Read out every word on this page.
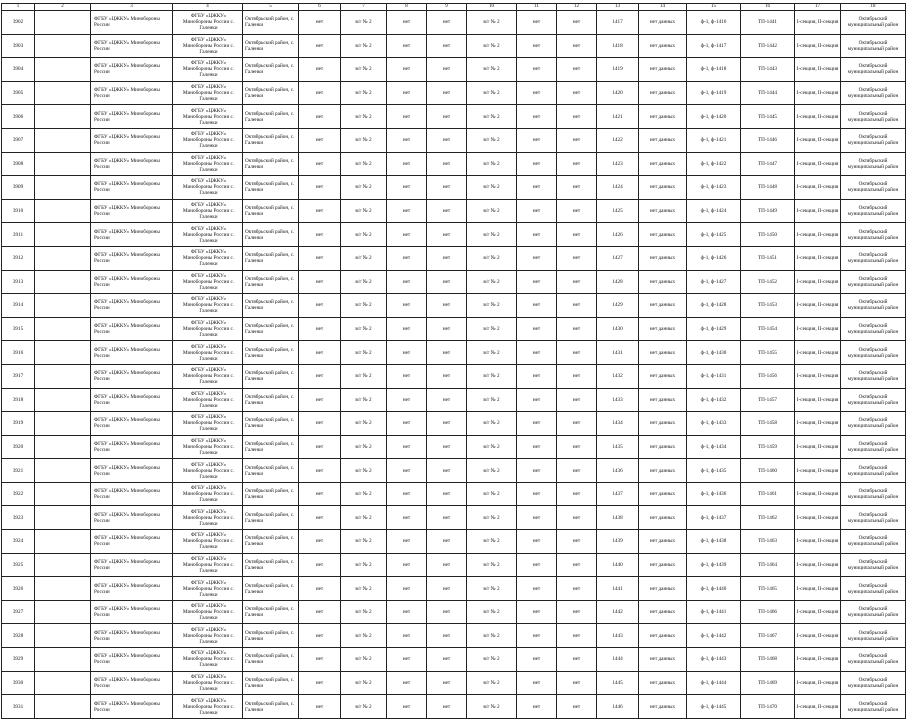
1	2	3	4	5	6	7	8	9	10	11	12	13	14	15	16	17	18
3902		ФГБУ «ЦЖКУ» Минобороны России	ФГБУ «ЦЖКУ» Минобороны России с. Галенки	Октябрьский район, с. Галенки	нет	в/г № 2	нет	нет	в/г № 2	нет	нет	1417	нет данных	ф-1, ф-1416	ТП-1441	I-секция, II-секция	Октябрьский муниципальный район
3903		ФГБУ «ЦЖКУ» Минобороны России	ФГБУ «ЦЖКУ» Минобороны России с. Галенки	Октябрьский район, с. Галенки	нет	в/г № 2	нет	нет	в/г № 2	нет	нет	1418	нет данных	ф-1, ф-1417	ТП-1442	I-секция, II-секция	Октябрьский муниципальный район
3904		ФГБУ «ЦЖКУ» Минобороны России	ФГБУ «ЦЖКУ» Минобороны России с. Галенки	Октябрьский район, с. Галенки	нет	в/г № 2	нет	нет	в/г № 2	нет	нет	1419	нет данных	ф-1, ф-1418	ТП-1443	I-секция, II-секция	Октябрьский муниципальный район
3905		ФГБУ «ЦЖКУ» Минобороны России	ФГБУ «ЦЖКУ» Минобороны России с. Галенки	Октябрьский район, с. Галенки	нет	в/г № 2	нет	нет	в/г № 2	нет	нет	1420	нет данных	ф-1, ф-1419	ТП-1444	I-секция, II-секция	Октябрьский муниципальный район
3906		ФГБУ «ЦЖКУ» Минобороны России	ФГБУ «ЦЖКУ» Минобороны России с. Галенки	Октябрьский район, с. Галенки	нет	в/г № 2	нет	нет	в/г № 2	нет	нет	1421	нет данных	ф-1, ф-1420	ТП-1445	I-секция, II-секция	Октябрьский муниципальный район
3907		ФГБУ «ЦЖКУ» Минобороны России	ФГБУ «ЦЖКУ» Минобороны России с. Галенки	Октябрьский район, с. Галенки	нет	в/г № 2	нет	нет	в/г № 2	нет	нет	1422	нет данных	ф-1, ф-1421	ТП-1446	I-секция, II-секция	Октябрьский муниципальный район
3908		ФГБУ «ЦЖКУ» Минобороны России	ФГБУ «ЦЖКУ» Минобороны России с. Галенки	Октябрьский район, с. Галенки	нет	в/г № 2	нет	нет	в/г № 2	нет	нет	1423	нет данных	ф-1, ф-1422	ТП-1447	I-секция, II-секция	Октябрьский муниципальный район
3909		ФГБУ «ЦЖКУ» Минобороны России	ФГБУ «ЦЖКУ» Минобороны России с. Галенки	Октябрьский район, с. Галенки	нет	в/г № 2	нет	нет	в/г № 2	нет	нет	1424	нет данных	ф-1, ф-1423	ТП-1448	I-секция, II-секция	Октябрьский муниципальный район
3910		ФГБУ «ЦЖКУ» Минобороны России	ФГБУ «ЦЖКУ» Минобороны России с. Галенки	Октябрьский район, с. Галенки	нет	в/г № 2	нет	нет	в/г № 2	нет	нет	1425	нет данных	ф-1, ф-1424	ТП-1449	I-секция, II-секция	Октябрьский муниципальный район
3911		ФГБУ «ЦЖКУ» Минобороны России	ФГБУ «ЦЖКУ» Минобороны России с. Галенки	Октябрьский район, с. Галенки	нет	в/г № 2	нет	нет	в/г № 2	нет	нет	1426	нет данных	ф-1, ф-1425	ТП-1450	I-секция, II-секция	Октябрьский муниципальный район
3912		ФГБУ «ЦЖКУ» Минобороны России	ФГБУ «ЦЖКУ» Минобороны России с. Галенки	Октябрьский район, с. Галенки	нет	в/г № 2	нет	нет	в/г № 2	нет	нет	1427	нет данных	ф-1, ф-1426	ТП-1451	I-секция, II-секция	Октябрьский муниципальный район
3913		ФГБУ «ЦЖКУ» Минобороны России	ФГБУ «ЦЖКУ» Минобороны России с. Галенки	Октябрьский район, с. Галенки	нет	в/г № 2	нет	нет	в/г № 2	нет	нет	1428	нет данных	ф-1, ф-1427	ТП-1452	I-секция, II-секция	Октябрьский муниципальный район
3914		ФГБУ «ЦЖКУ» Минобороны России	ФГБУ «ЦЖКУ» Минобороны России с. Галенки	Октябрьский район, с. Галенки	нет	в/г № 2	нет	нет	в/г № 2	нет	нет	1429	нет данных	ф-1, ф-1428	ТП-1453	I-секция, II-секция	Октябрьский муниципальный район
3915		ФГБУ «ЦЖКУ» Минобороны России	ФГБУ «ЦЖКУ» Минобороны России с. Галенки	Октябрьский район, с. Галенки	нет	в/г № 2	нет	нет	в/г № 2	нет	нет	1430	нет данных	ф-1, ф-1429	ТП-1454	I-секция, II-секция	Октябрьский муниципальный район
3916		ФГБУ «ЦЖКУ» Минобороны России	ФГБУ «ЦЖКУ» Минобороны России с. Галенки	Октябрьский район, с. Галенки	нет	в/г № 2	нет	нет	в/г № 2	нет	нет	1431	нет данных	ф-1, ф-1430	ТП-1455	I-секция, II-секция	Октябрьский муниципальный район
3917		ФГБУ «ЦЖКУ» Минобороны России	ФГБУ «ЦЖКУ» Минобороны России с. Галенки	Октябрьский район, с. Галенки	нет	в/г № 2	нет	нет	в/г № 2	нет	нет	1432	нет данных	ф-1, ф-1431	ТП-1456	I-секция, II-секция	Октябрьский муниципальный район
3918		ФГБУ «ЦЖКУ» Минобороны России	ФГБУ «ЦЖКУ» Минобороны России с. Галенки	Октябрьский район, с. Галенки	нет	в/г № 2	нет	нет	в/г № 2	нет	нет	1433	нет данных	ф-1, ф-1432	ТП-1457	I-секция, II-секция	Октябрьский муниципальный район
3919		ФГБУ «ЦЖКУ» Минобороны России	ФГБУ «ЦЖКУ» Минобороны России с. Галенки	Октябрьский район, с. Галенки	нет	в/г № 2	нет	нет	в/г № 2	нет	нет	1434	нет данных	ф-1, ф-1433	ТП-1458	I-секция, II-секция	Октябрьский муниципальный район
3920		ФГБУ «ЦЖКУ» Минобороны России	ФГБУ «ЦЖКУ» Минобороны России с. Галенки	Октябрьский район, с. Галенки	нет	в/г № 2	нет	нет	в/г № 2	нет	нет	1435	нет данных	ф-1, ф-1434	ТП-1459	I-секция, II-секция	Октябрьский муниципальный район
3921		ФГБУ «ЦЖКУ» Минобороны России	ФГБУ «ЦЖКУ» Минобороны России с. Галенки	Октябрьский район, с. Галенки	нет	в/г № 2	нет	нет	в/г № 2	нет	нет	1436	нет данных	ф-1, ф-1435	ТП-1460	I-секция, II-секция	Октябрьский муниципальный район
3922		ФГБУ «ЦЖКУ» Минобороны России	ФГБУ «ЦЖКУ» Минобороны России с. Галенки	Октябрьский район, с. Галенки	нет	в/г № 2	нет	нет	в/г № 2	нет	нет	1437	нет данных	ф-1, ф-1436	ТП-1461	I-секция, II-секция	Октябрьский муниципальный район
3923		ФГБУ «ЦЖКУ» Минобороны России	ФГБУ «ЦЖКУ» Минобороны России с. Галенки	Октябрьский район, с. Галенки	нет	в/г № 2	нет	нет	в/г № 2	нет	нет	1438	нет данных	ф-1, ф-1437	ТП-1462	I-секция, II-секция	Октябрьский муниципальный район
3924		ФГБУ «ЦЖКУ» Минобороны России	ФГБУ «ЦЖКУ» Минобороны России с. Галенки	Октябрьский район, с. Галенки	нет	в/г № 2	нет	нет	в/г № 2	нет	нет	1439	нет данных	ф-1, ф-1438	ТП-1463	I-секция, II-секция	Октябрьский муниципальный район
3925		ФГБУ «ЦЖКУ» Минобороны России	ФГБУ «ЦЖКУ» Минобороны России с. Галенки	Октябрьский район, с. Галенки	нет	в/г № 2	нет	нет	в/г № 2	нет	нет	1440	нет данных	ф-1, ф-1439	ТП-1464	I-секция, II-секция	Октябрьский муниципальный район
3926		ФГБУ «ЦЖКУ» Минобороны России	ФГБУ «ЦЖКУ» Минобороны России с. Галенки	Октябрьский район, с. Галенки	нет	в/г № 2	нет	нет	в/г № 2	нет	нет	1441	нет данных	ф-1, ф-1440	ТП-1465	I-секция, II-секция	Октябрьский муниципальный район
3927		ФГБУ «ЦЖКУ» Минобороны России	ФГБУ «ЦЖКУ» Минобороны России с. Галенки	Октябрьский район, с. Галенки	нет	в/г № 2	нет	нет	в/г № 2	нет	нет	1442	нет данных	ф-1, ф-1441	ТП-1466	I-секция, II-секция	Октябрьский муниципальный район
3928		ФГБУ «ЦЖКУ» Минобороны России	ФГБУ «ЦЖКУ» Минобороны России с. Галенки	Октябрьский район, с. Галенки	нет	в/г № 2	нет	нет	в/г № 2	нет	нет	1443	нет данных	ф-1, ф-1442	ТП-1467	I-секция, II-секция	Октябрьский муниципальный район
3929		ФГБУ «ЦЖКУ» Минобороны России	ФГБУ «ЦЖКУ» Минобороны России с. Галенки	Октябрьский район, с. Галенки	нет	в/г № 2	нет	нет	в/г № 2	нет	нет	1444	нет данных	ф-1, ф-1443	ТП-1468	I-секция, II-секция	Октябрьский муниципальный район
3930		ФГБУ «ЦЖКУ» Минобороны России	ФГБУ «ЦЖКУ» Минобороны России с. Галенки	Октябрьский район, с. Галенки	нет	в/г № 2	нет	нет	в/г № 2	нет	нет	1445	нет данных	ф-1, ф-1444	ТП-1469	I-секция, II-секция	Октябрьский муниципальный район
3931		ФГБУ «ЦЖКУ» Минобороны России	ФГБУ «ЦЖКУ» Минобороны России с. Галенки	Октябрьский район, с. Галенки	нет	в/г № 2	нет	нет	в/г № 2	нет	нет	1446	нет данных	ф-1, ф-1445	ТП-1470	I-секция, II-секция	Октябрьский муниципальный район
